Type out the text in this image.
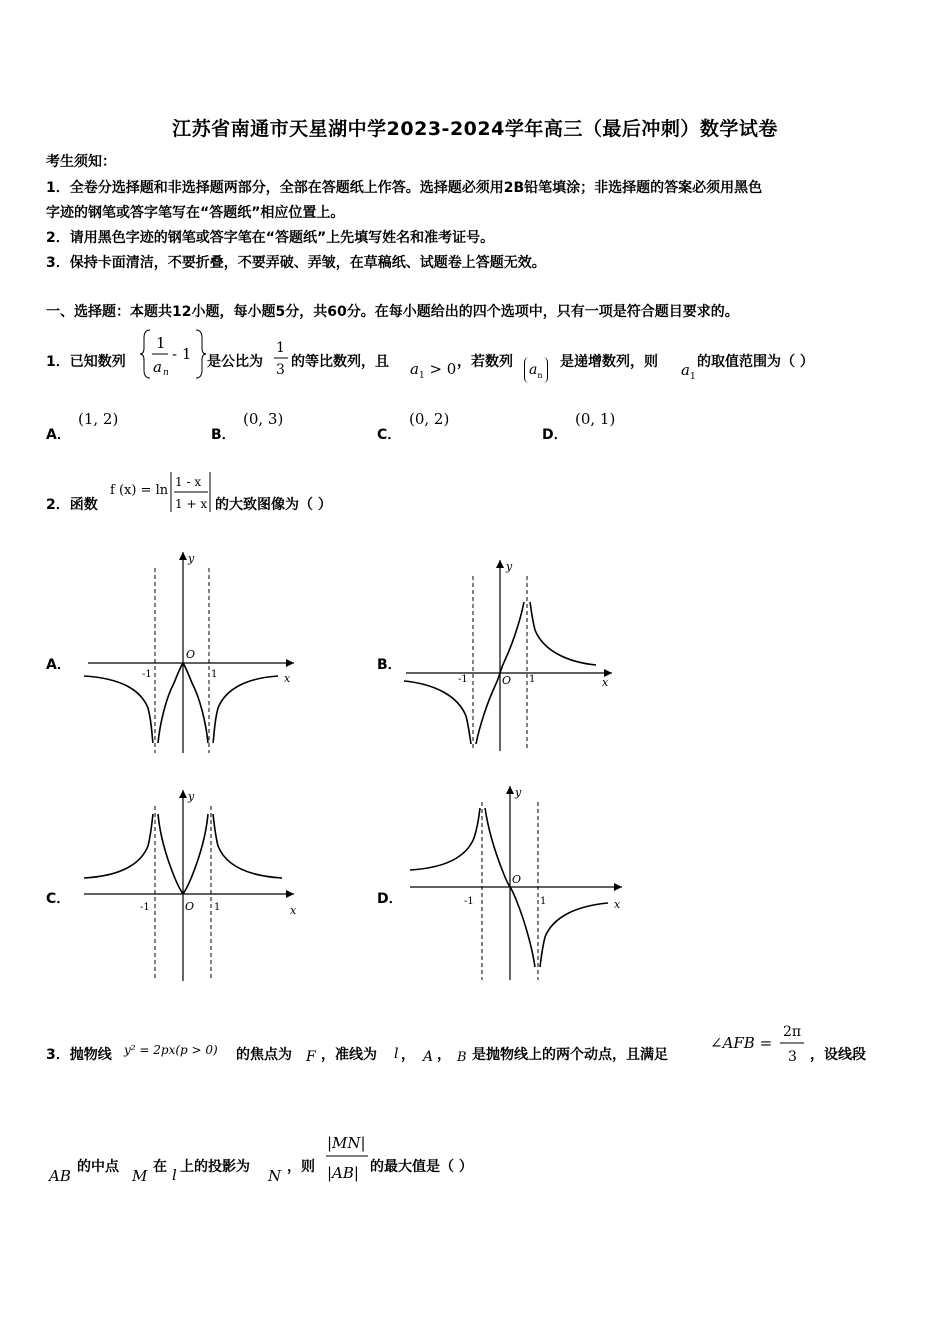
江苏省南通市天星湖中学2023-2024学年高三（最后冲刺）数学试卷
考生须知：
1．全卷分选择题和非选择题两部分，全部在答题纸上作答。选择题必须用2B铅笔填涂；非选择题的答案必须用黑色
字迹的钢笔或答字笔写在“答题纸”相应位置上。
2．请用黑色字迹的钢笔或答字笔在“答题纸”上先填写姓名和准考证号。
3．保持卡面清洁，不要折叠，不要弄破、弄皱，在草稿纸、试题卷上答题无效。
一、选择题：本题共12小题，每小题5分，共60分。在每小题给出的四个选项中，只有一项是符合题目要求的。
1．已知数列
1
a n
- 1 是公比为
1
3 的等比数列，且 $a_1 > 0$ ，若数列	$a_n$
是递增数列，则 $a_1$
的取值范围为（ ）
A．
(1, 2)
B．
(0, 3)
C．
(0, 2)
D．
(0, 1)
2．函数
f (x) = ln
1 - x
1 + x 的大致图像为（ ）
A．
y
x
O
-1	1
B．
y
x
O
-1	1
C．
y
x
O
-1	1
D．
y
x
O
-1	1
3．抛物线 y² = 2px(p > 0) 的焦点为 F ，准线为 l ， A ， B 是抛物线上的两个动点，且满足
∠AFB =
2π
3 ，设线段
AB 的中点 M 在 l 上的投影为 N ，则
|MN|
|AB| 的最大值是（ ）
